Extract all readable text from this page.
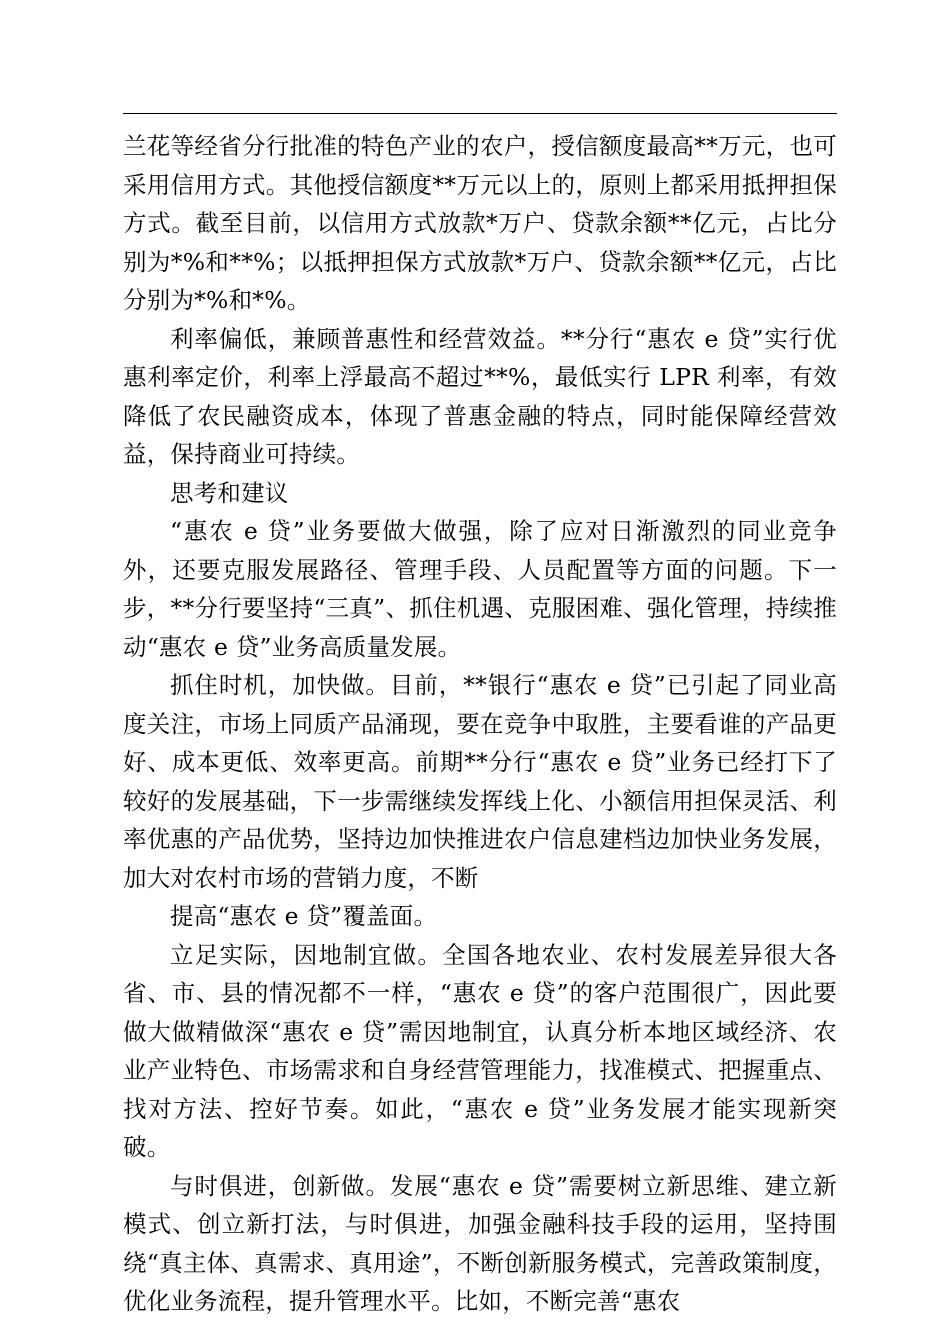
兰花等经省分行批准的特色产业的农户，授信额度最高**万元，也可采用信用方式。其他授信额度**万元以上的，原则上都采用抵押担保方式。截至目前，以信用方式放款*万户、贷款余额**亿元，占比分别为*%和**%；以抵押担保方式放款*万户、贷款余额**亿元，占比分别为*%和*%。

利率偏低，兼顾普惠性和经营效益。**分行“惠农 e 贷”实行优惠利率定价，利率上浮最高不超过**%，最低实行 LPR 利率，有效降低了农民融资成本，体现了普惠金融的特点，同时能保障经营效益，保持商业可持续。

思考和建议

“惠农 e 贷”业务要做大做强，除了应对日渐激烈的同业竞争外，还要克服发展路径、管理手段、人员配置等方面的问题。下一步，**分行要坚持“三真”、抓住机遇、克服困难、强化管理，持续推动“惠农 e 贷”业务高质量发展。

抓住时机，加快做。目前，**银行“惠农 e 贷”已引起了同业高度关注，市场上同质产品涌现，要在竞争中取胜，主要看谁的产品更好、成本更低、效率更高。前期**分行“惠农 e 贷”业务已经打下了较好的发展基础，下一步需继续发挥线上化、小额信用担保灵活、利率优惠的产品优势，坚持边加快推进农户信息建档边加快业务发展，加大对农村市场的营销力度，不断

提高“惠农 e 贷”覆盖面。

立足实际，因地制宜做。全国各地农业、农村发展差异很大各省、市、县的情况都不一样，“惠农 e 贷”的客户范围很广，因此要做大做精做深“惠农 e 贷”需因地制宜，认真分析本地区域经济、农业产业特色、市场需求和自身经营管理能力，找准模式、把握重点、找对方法、控好节奏。如此，“惠农 e 贷”业务发展才能实现新突破。

与时俱进，创新做。发展“惠农 e 贷”需要树立新思维、建立新模式、创立新打法，与时俱进，加强金融科技手段的运用，坚持围绕“真主体、真需求、真用途”，不断创新服务模式，完善政策制度，优化业务流程，提升管理水平。比如，不断完善“惠农
